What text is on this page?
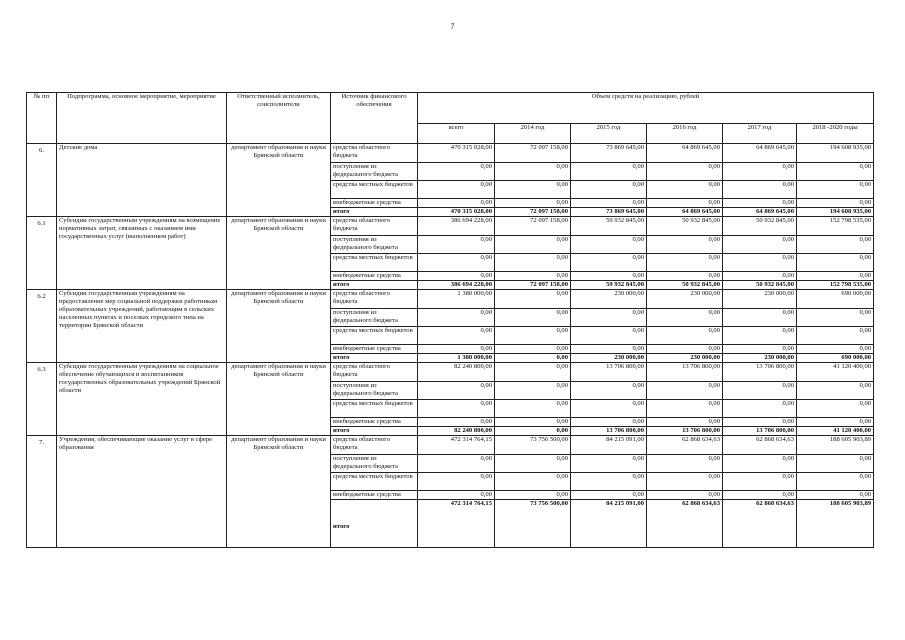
7
№ пп	Подпрограмма, основное мероприятие, мероприятие	Ответственный исполнитель, соисполнители	Источник финансового обеспечения	Объем средств на реализацию, рублей					
				всего	2014 год	2015 год	2016 год	2017 год	2018 -2020 годы
6.	Детские дома	департамент образования и науки Брянской области	средства областного бюджета	470 315 028,00	72 097 158,00	73 869 645,00	64 869 645,00	64 869 645,00	194 608 935,00
			поступления из федерального бюджета	0,00	0,00	0,00	0,00	0,00	0,00
			средства местных бюджетов	0,00	0,00	0,00	0,00	0,00	0,00
			внебюджетные средства	0,00	0,00	0,00	0,00	0,00	0,00
			итого	470 315 028,00	72 097 158,00	73 869 645,00	64 869 645,00	64 869 645,00	194 608 935,00
6.1	Субсидии государственным учреждениям на возмещение нормативных затрат, связанных с оказанием ими государственных услуг (выполнением работ)	департамент образования и науки Брянской области	средства областного бюджета	386 694 228,00	72 097 158,00	59 932 845,00	50 932 845,00	50 932 845,00	152 798 535,00
			поступления из федерального бюджета	0,00	0,00	0,00	0,00	0,00	0,00
			средства местных бюджетов	0,00	0,00	0,00	0,00	0,00	0,00
			внебюджетные средства	0,00	0,00	0,00	0,00	0,00	0,00
			итого	386 694 228,00	72 097 158,00	59 932 845,00	50 932 845,00	50 932 845,00	152 798 535,00
6.2	Субсидии государственным учреждениям на предоставление мер социальной поддержки работникам образовательных учреждений, работающим в сельских населенных пунктах и поселках городского типа на территории Брянской области	департамент образования и науки Брянской области	средства областного бюджета	1 380 000,00	0,00	230 000,00	230 000,00	230 000,00	690 000,00
			поступления из федерального бюджета	0,00	0,00	0,00	0,00	0,00	0,00
			средства местных бюджетов	0,00	0,00	0,00	0,00	0,00	0,00
			внебюджетные средства	0,00	0,00	0,00	0,00	0,00	0,00
			итого	1 380 000,00	0,00	230 000,00	230 000,00	230 000,00	690 000,00
6.3	Субсидии государственным учреждениям на социальное обеспечение обучающихся и воспитанников государственных образовательных учреждений Брянской области	департамент образования и науки Брянской области	средства областного бюджета	82 240 800,00	0,00	13 706 800,00	13 706 800,00	13 706 800,00	41 120 400,00
			поступления из федерального бюджета	0,00	0,00	0,00	0,00	0,00	0,00
			средства местных бюджетов	0,00	0,00	0,00	0,00	0,00	0,00
			внебюджетные средства	0,00	0,00	0,00	0,00	0,00	0,00
			итого	82 240 800,00	0,00	13 706 800,00	13 706 800,00	13 706 800,00	41 120 400,00
7.	Учреждения, обеспечивающие оказание услуг в сфере образования	департамент образования и науки Брянской области	средства областного бюджета	472 314 764,15	73 756 500,00	84 215 091,00	62 868 634,63	62 868 634,63	188 605 903,89
			поступления из федерального бюджета	0,00	0,00	0,00	0,00	0,00	0,00
			средства местных бюджетов	0,00	0,00	0,00	0,00	0,00	0,00
			внебюджетные средства	0,00	0,00	0,00	0,00	0,00	0,00
			итого	472 314 764,15	73 756 500,00	84 215 091,00	62 868 634,63	62 868 634,63	188 605 903,89
